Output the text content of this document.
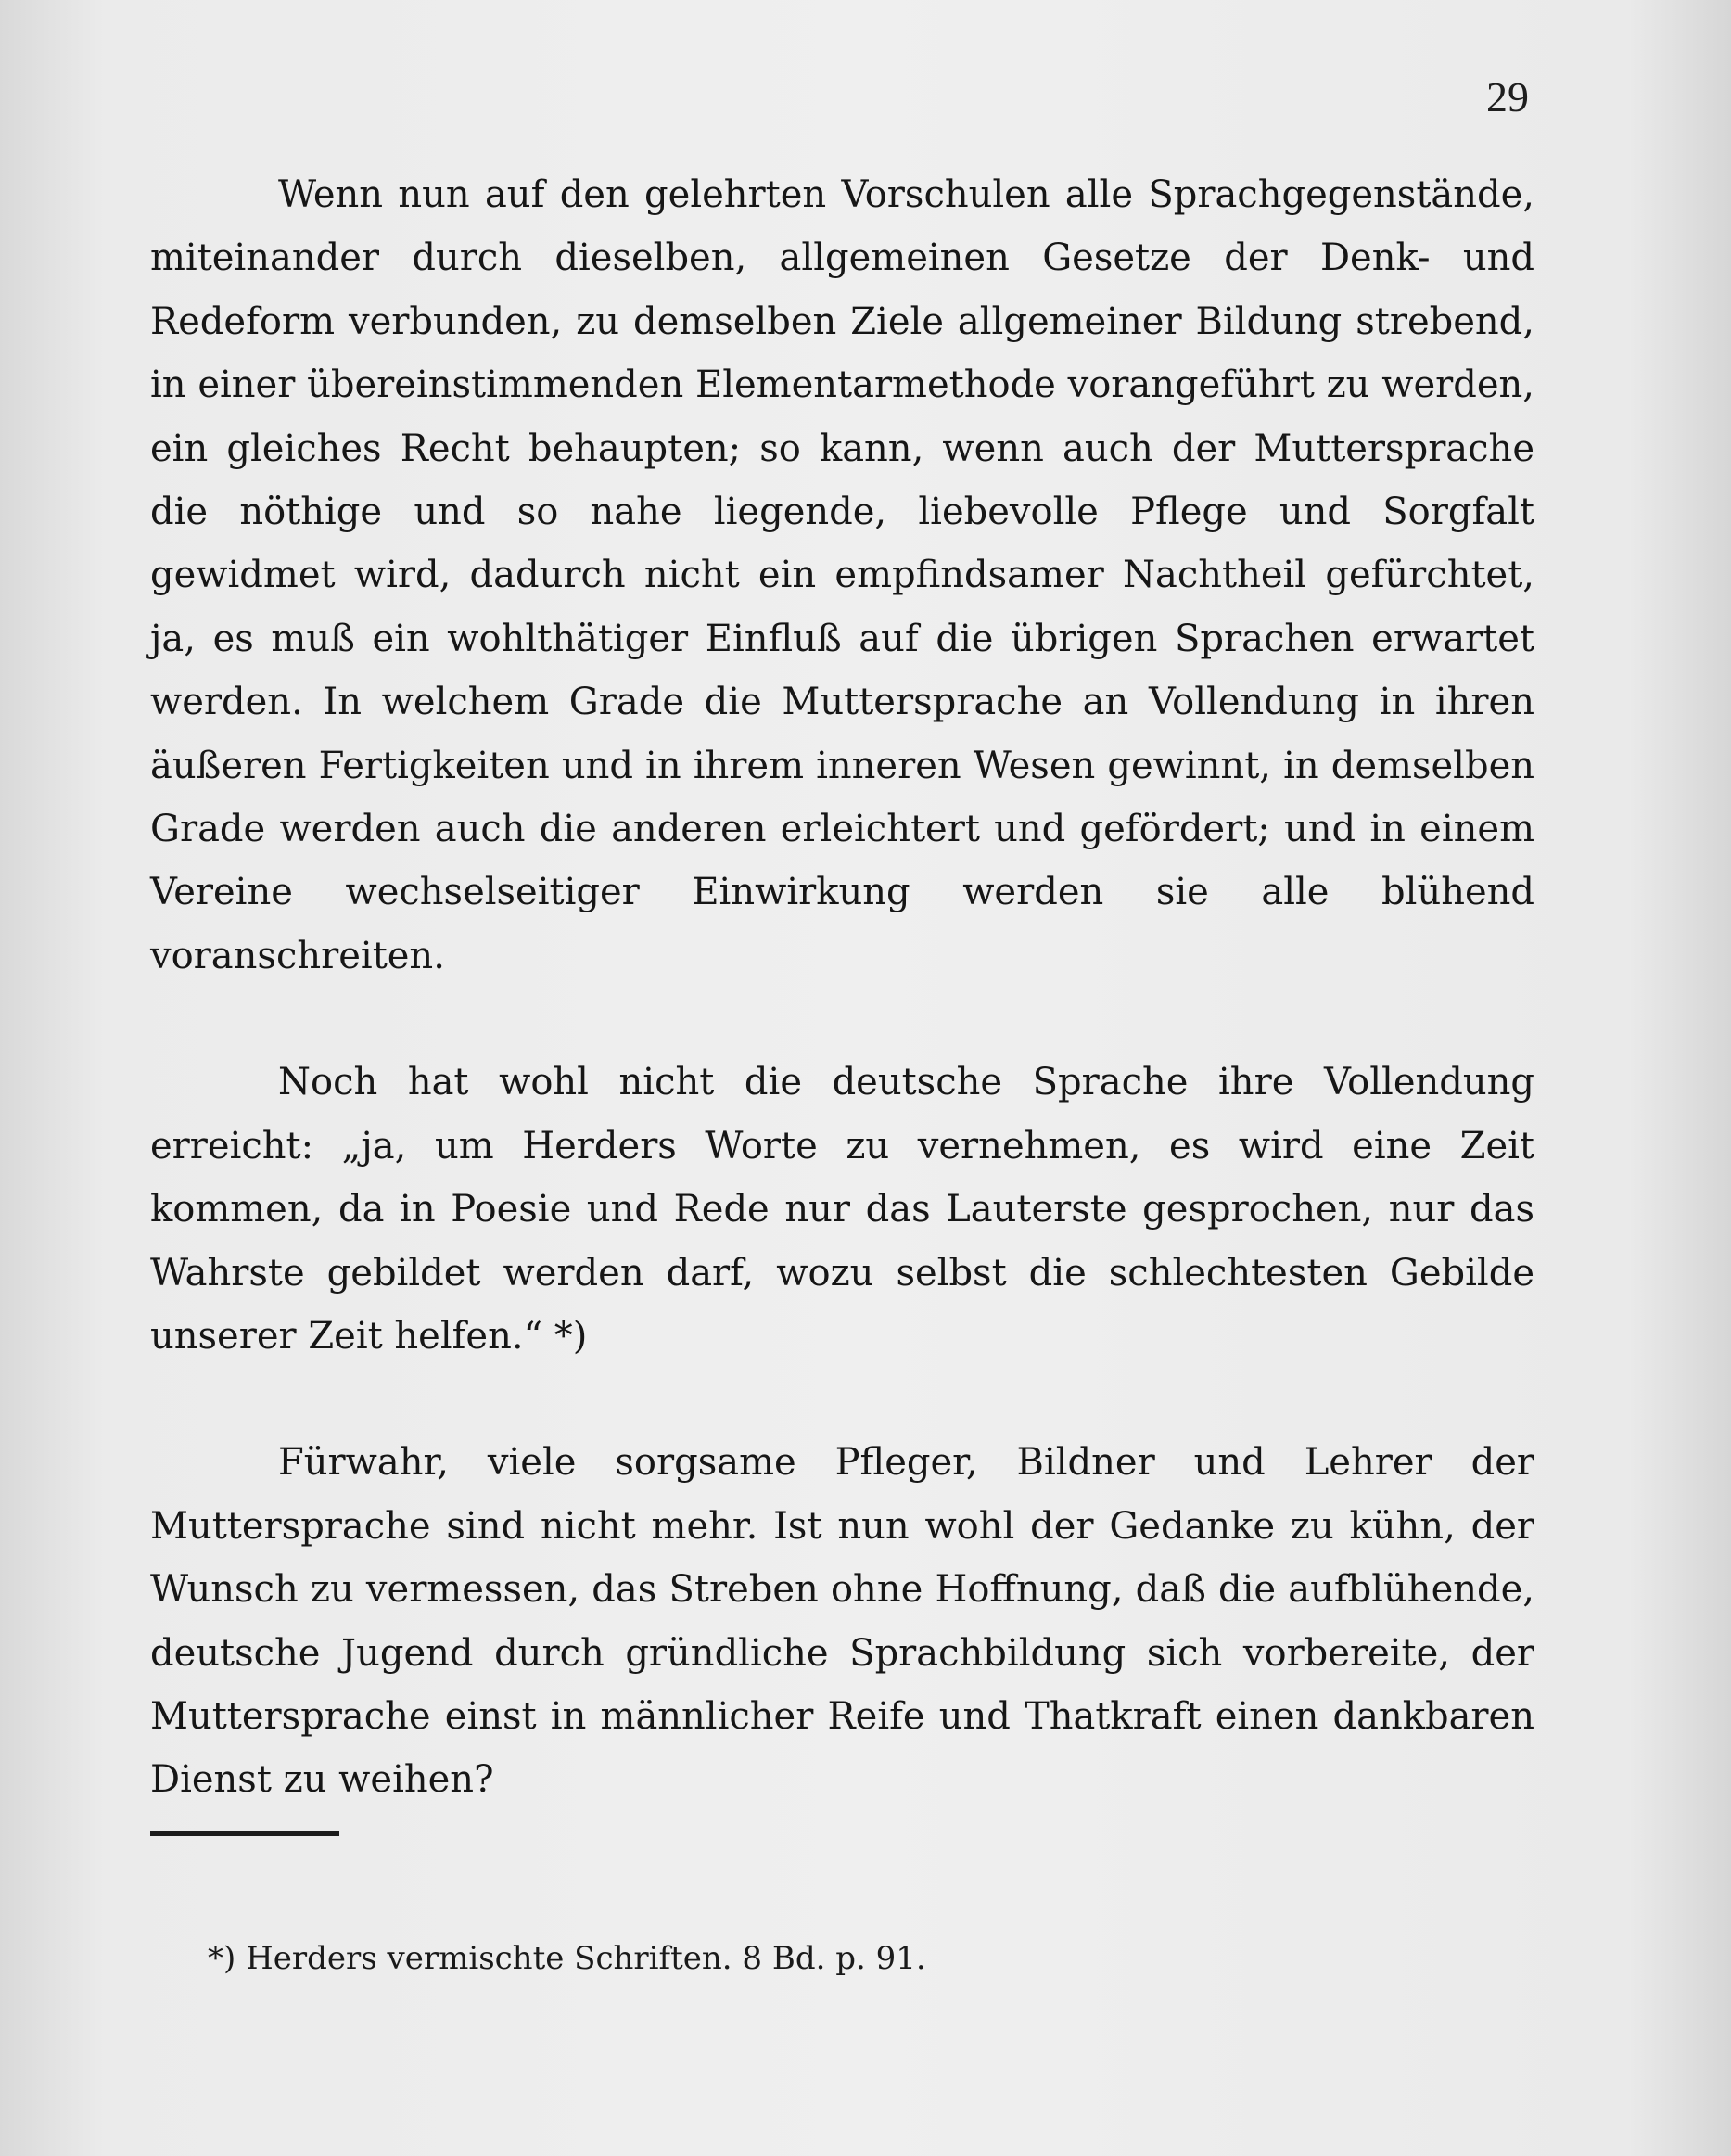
29

Wenn nun auf den gelehrten Vorschulen alle Sprachgegenstände, miteinander durch dieselben, allgemeinen Gesetze der Denk- und Redeform verbunden, zu demselben Ziele allgemeiner Bildung strebend, in einer übereinstimmenden Elementarmethode vorangeführt zu werden, ein gleiches Recht behaupten; so kann, wenn auch der Muttersprache die nöthige und so nahe liegende, liebevolle Pflege und Sorgfalt gewidmet wird, dadurch nicht ein empfindsamer Nachtheil gefürchtet, ja, es muß ein wohlthätiger Einfluß auf die übrigen Sprachen erwartet werden. In welchem Grade die Muttersprache an Vollendung in ihren äußeren Fertigkeiten und in ihrem inneren Wesen gewinnt, in demselben Grade werden auch die anderen erleichtert und gefördert; und in einem Vereine wechselseitiger Einwirkung werden sie alle blühend voranschreiten.

Noch hat wohl nicht die deutsche Sprache ihre Vollendung erreicht: „ja, um Herders Worte zu vernehmen, es wird eine Zeit kommen, da in Poesie und Rede nur das Lauterste gesprochen, nur das Wahrste gebildet werden darf, wozu selbst die schlechtesten Gebilde unserer Zeit helfen.“ *)

Fürwahr, viele sorgsame Pfleger, Bildner und Lehrer der Muttersprache sind nicht mehr. Ist nun wohl der Gedanke zu kühn, der Wunsch zu vermessen, das Streben ohne Hoffnung, daß die aufblühende, deutsche Jugend durch gründliche Sprachbildung sich vorbereite, der Muttersprache einst in männlicher Reife und Thatkraft einen dankbaren Dienst zu weihen?

*) Herders vermischte Schriften. 8 Bd. p. 91.
